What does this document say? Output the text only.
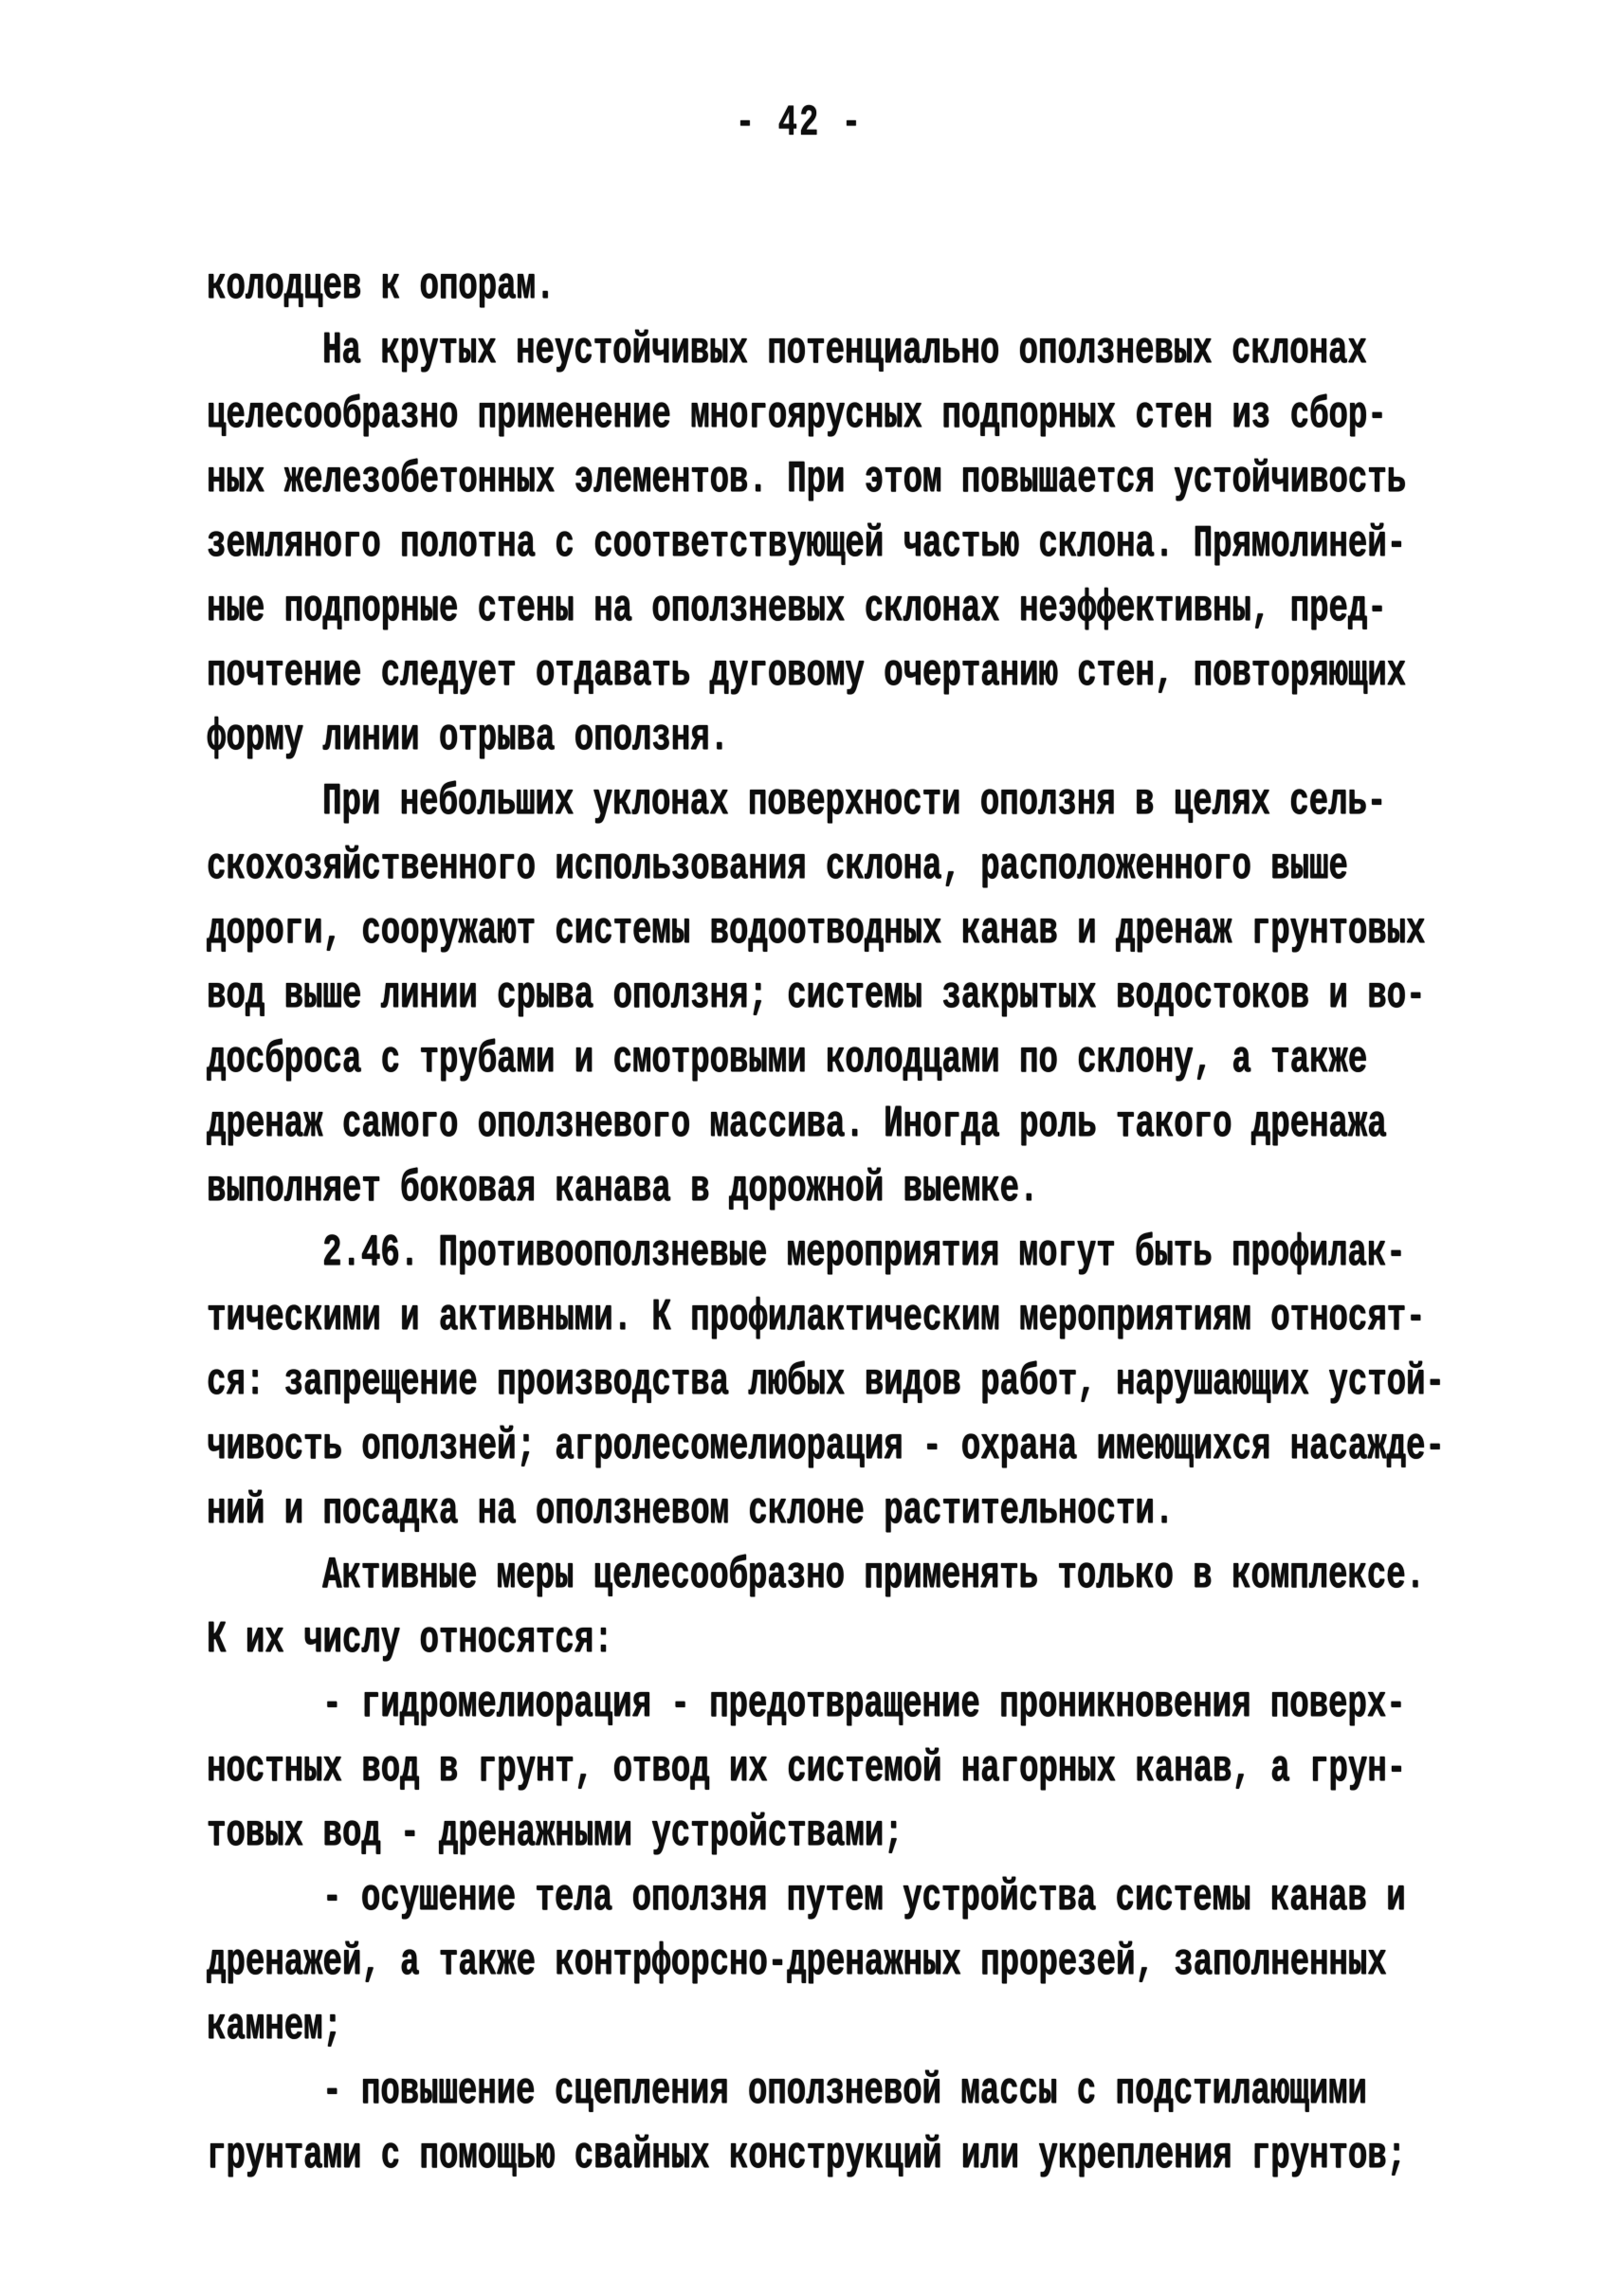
- 42 -
колодцев к опорам.
На крутых неустойчивых потенциально оползневых склонах
целесообразно применение многоярусных подпорных стен из сбор-
ных железобетонных элементов. При этом повышается устойчивость
земляного полотна с соответствующей частью склона. Прямолиней-
ные подпорные стены на оползневых склонах неэффективны, пред-
почтение следует отдавать дуговому очертанию стен, повторяющих
форму линии отрыва оползня.
При небольших уклонах поверхности оползня в целях сель-
скохозяйственного использования склона, расположенного выше
дороги, сооружают системы водоотводных канав и дренаж грунтовых
вод выше линии срыва оползня; системы закрытых водостоков и во-
досброса с трубами и смотровыми колодцами по склону, а также
дренаж самого оползневого массива. Иногда роль такого дренажа
выполняет боковая канава в дорожной выемке.
2.46. Противооползневые мероприятия могут быть профилак-
тическими и активными. К профилактическим мероприятиям относят-
ся: запрещение производства любых видов работ, нарушающих устой-
чивость оползней; агролесомелиорация - охрана имеющихся насажде-
ний и посадка на оползневом склоне растительности.
Активные меры целесообразно применять только в комплексе.
К их числу относятся:
- гидромелиорация - предотвращение проникновения поверх-
ностных вод в грунт, отвод их системой нагорных канав, а грун-
товых вод - дренажными устройствами;
- осушение тела оползня путем устройства системы канав и
дренажей, а также контрфорсно-дренажных прорезей, заполненных
камнем;
- повышение сцепления оползневой массы с подстилающими
грунтами с помощью свайных конструкций или укрепления грунтов;
